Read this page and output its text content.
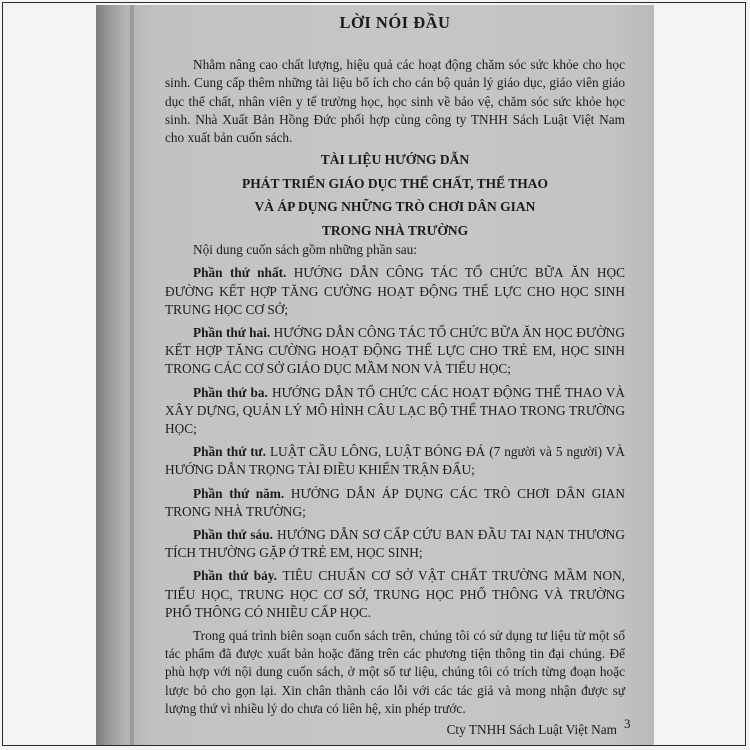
LỜI NÓI ĐẦU

Nhằm nâng cao chất lượng, hiệu quả các hoạt động chăm sóc sức khỏe cho học sinh. Cung cấp thêm những tài liệu bổ ích cho cán bộ quản lý giáo dục, giáo viên giáo dục thể chất, nhân viên y tế trường học, học sinh về bảo vệ, chăm sóc sức khỏe học sinh. Nhà Xuất Bản Hồng Đức phối hợp cùng công ty TNHH Sách Luật Việt Nam cho xuất bản cuốn sách.

TÀI LIỆU HƯỚNG DẪN
PHÁT TRIỂN GIÁO DỤC THỂ CHẤT, THỂ THAO
VÀ ÁP DỤNG NHỮNG TRÒ CHƠI DÂN GIAN
TRONG NHÀ TRƯỜNG

Nội dung cuốn sách gồm những phần sau:

Phần thứ nhất. HƯỚNG DẪN CÔNG TÁC TỔ CHỨC BỮA ĂN HỌC ĐƯỜNG KẾT HỢP TĂNG CƯỜNG HOẠT ĐỘNG THỂ LỰC CHO HỌC SINH TRUNG HỌC CƠ SỞ;

Phần thứ hai. HƯỚNG DẪN CÔNG TÁC TỔ CHỨC BỮA ĂN HỌC ĐƯỜNG KẾT HỢP TĂNG CƯỜNG HOẠT ĐỘNG THỂ LỰC CHO TRẺ EM, HỌC SINH TRONG CÁC CƠ SỞ GIÁO DỤC MẦM NON VÀ TIỂU HỌC;

Phần thứ ba. HƯỚNG DẪN TỔ CHỨC CÁC HOẠT ĐỘNG THỂ THAO VÀ XÂY DỰNG, QUẢN LÝ MÔ HÌNH CÂU LẠC BỘ THỂ THAO TRONG TRƯỜNG HỌC;

Phần thứ tư. LUẬT CẦU LÔNG, LUẬT BÓNG ĐÁ (7 người và 5 người) VÀ HƯỚNG DẪN TRỌNG TÀI ĐIỀU KHIỂN TRẬN ĐẤU;

Phần thứ năm. HƯỚNG DẪN ÁP DỤNG CÁC TRÒ CHƠI DÂN GIAN TRONG NHÀ TRƯỜNG;

Phần thứ sáu. HƯỚNG DẪN SƠ CẤP CỨU BAN ĐẦU TAI NẠN THƯƠNG TÍCH THƯỜNG GẶP Ở TRẺ EM, HỌC SINH;

Phần thứ bảy. TIÊU CHUẨN CƠ SỞ VẬT CHẤT TRƯỜNG MẦM NON, TIỂU HỌC, TRUNG HỌC CƠ SỞ, TRUNG HỌC PHỔ THÔNG VÀ TRƯỜNG PHỔ THÔNG CÓ NHIỀU CẤP HỌC.

Trong quá trình biên soạn cuốn sách trên, chúng tôi có sử dụng tư liệu từ một số tác phẩm đã được xuất bản hoặc đăng trên các phương tiện thông tin đại chúng. Để phù hợp với nội dung cuốn sách, ở một số tư liệu, chúng tôi có trích từng đoạn hoặc lược bỏ cho gọn lại. Xin chân thành cáo lỗi với các tác giả và mong nhận được sự lượng thứ vì nhiều lý do chưa có liên hệ, xin phép trước.

Cty TNHH Sách Luật Việt Nam 3
